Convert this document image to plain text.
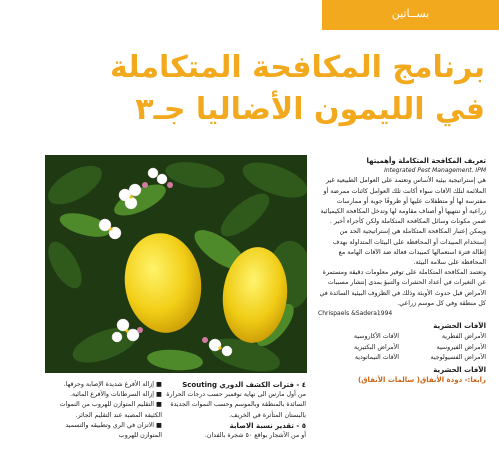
بســاتين
برنامج المكافحة المتكاملة
في الليمون الأضاليا جـ٣

تعريف المكافحة المتكاملة وأهميتها

Integrated Pest Management. IPM

هي إستراتيجية بيئية الأساس وتعتمد على العوامل الطبيعية غير الملائمة لتلك الآفات سواء أكانت تلك العوامل كائنات ممرضة أو مفترسة لها أو متطفلات عليها أو ظروفًا جوية أو ممارسات زراعية أو تنتهيها أو أصناف مقاومة لها وتدخل المكافحة الكيميائية ضمن مكونات وسائل المكافحة المتكاملة ولكن كأجراء أخير .

ويمكن إعتبار المكافحة المتكاملة هي إستراتيجية الحد من إستخدام المبيدات أو المحافظة على البيئات المتداولة بهدف إطالة فترة استعمالها كمبيدات فعالة ضد الآفات الهامة مع المحافظة على سلامة البيئة.

وتعتمد المكافحة المتكاملة على توفير معلومات دقيقة ومستمرة عن التغيرات في أعداد الحشرات والتنبؤ بمدى إنتشار مسببات الأمراض قبل حدوث الأوبئة وذلك في الظروف البيئية السائدة في كل منطقة وفي كل موسم زراعي.

Chrispaels &Sadera1994

الآفات الحشرية

الأمراض الفطرية
الآفات الأكاروسية
الأمراض الفيروسية
الأمراض البكتيرية
الأمراض الفسيولوجية
الآفات النيماتودية

الآفات الحشرية

رابعا:- دودة الأنفاق( سالمات الأنفاق)

٤ - فترات الكشف الدوري Scouting

من أول مارس الى نهاية نوفمبر حسب درجات الحرارة السائدة بالمنطقة وبالموسم وحسب النموات الجديدة بالبستان المتأثرة في الخريف.

٥ - تقدير نسبة الاصابة

أو من الأشجار بواقع ٥٠ شجرة بالفدان.

■ إزالة الأفرع شديدة الإصابة وحرقها.

■ إزالة السرطانات والأفرع المائية.

■ التقليم المتوازن للهروب من النموات الكثيفة المصبة عند التقليم الجائر.

■ الاتزان في الري وتطبيقه والتسميد المتوازن للهروب
